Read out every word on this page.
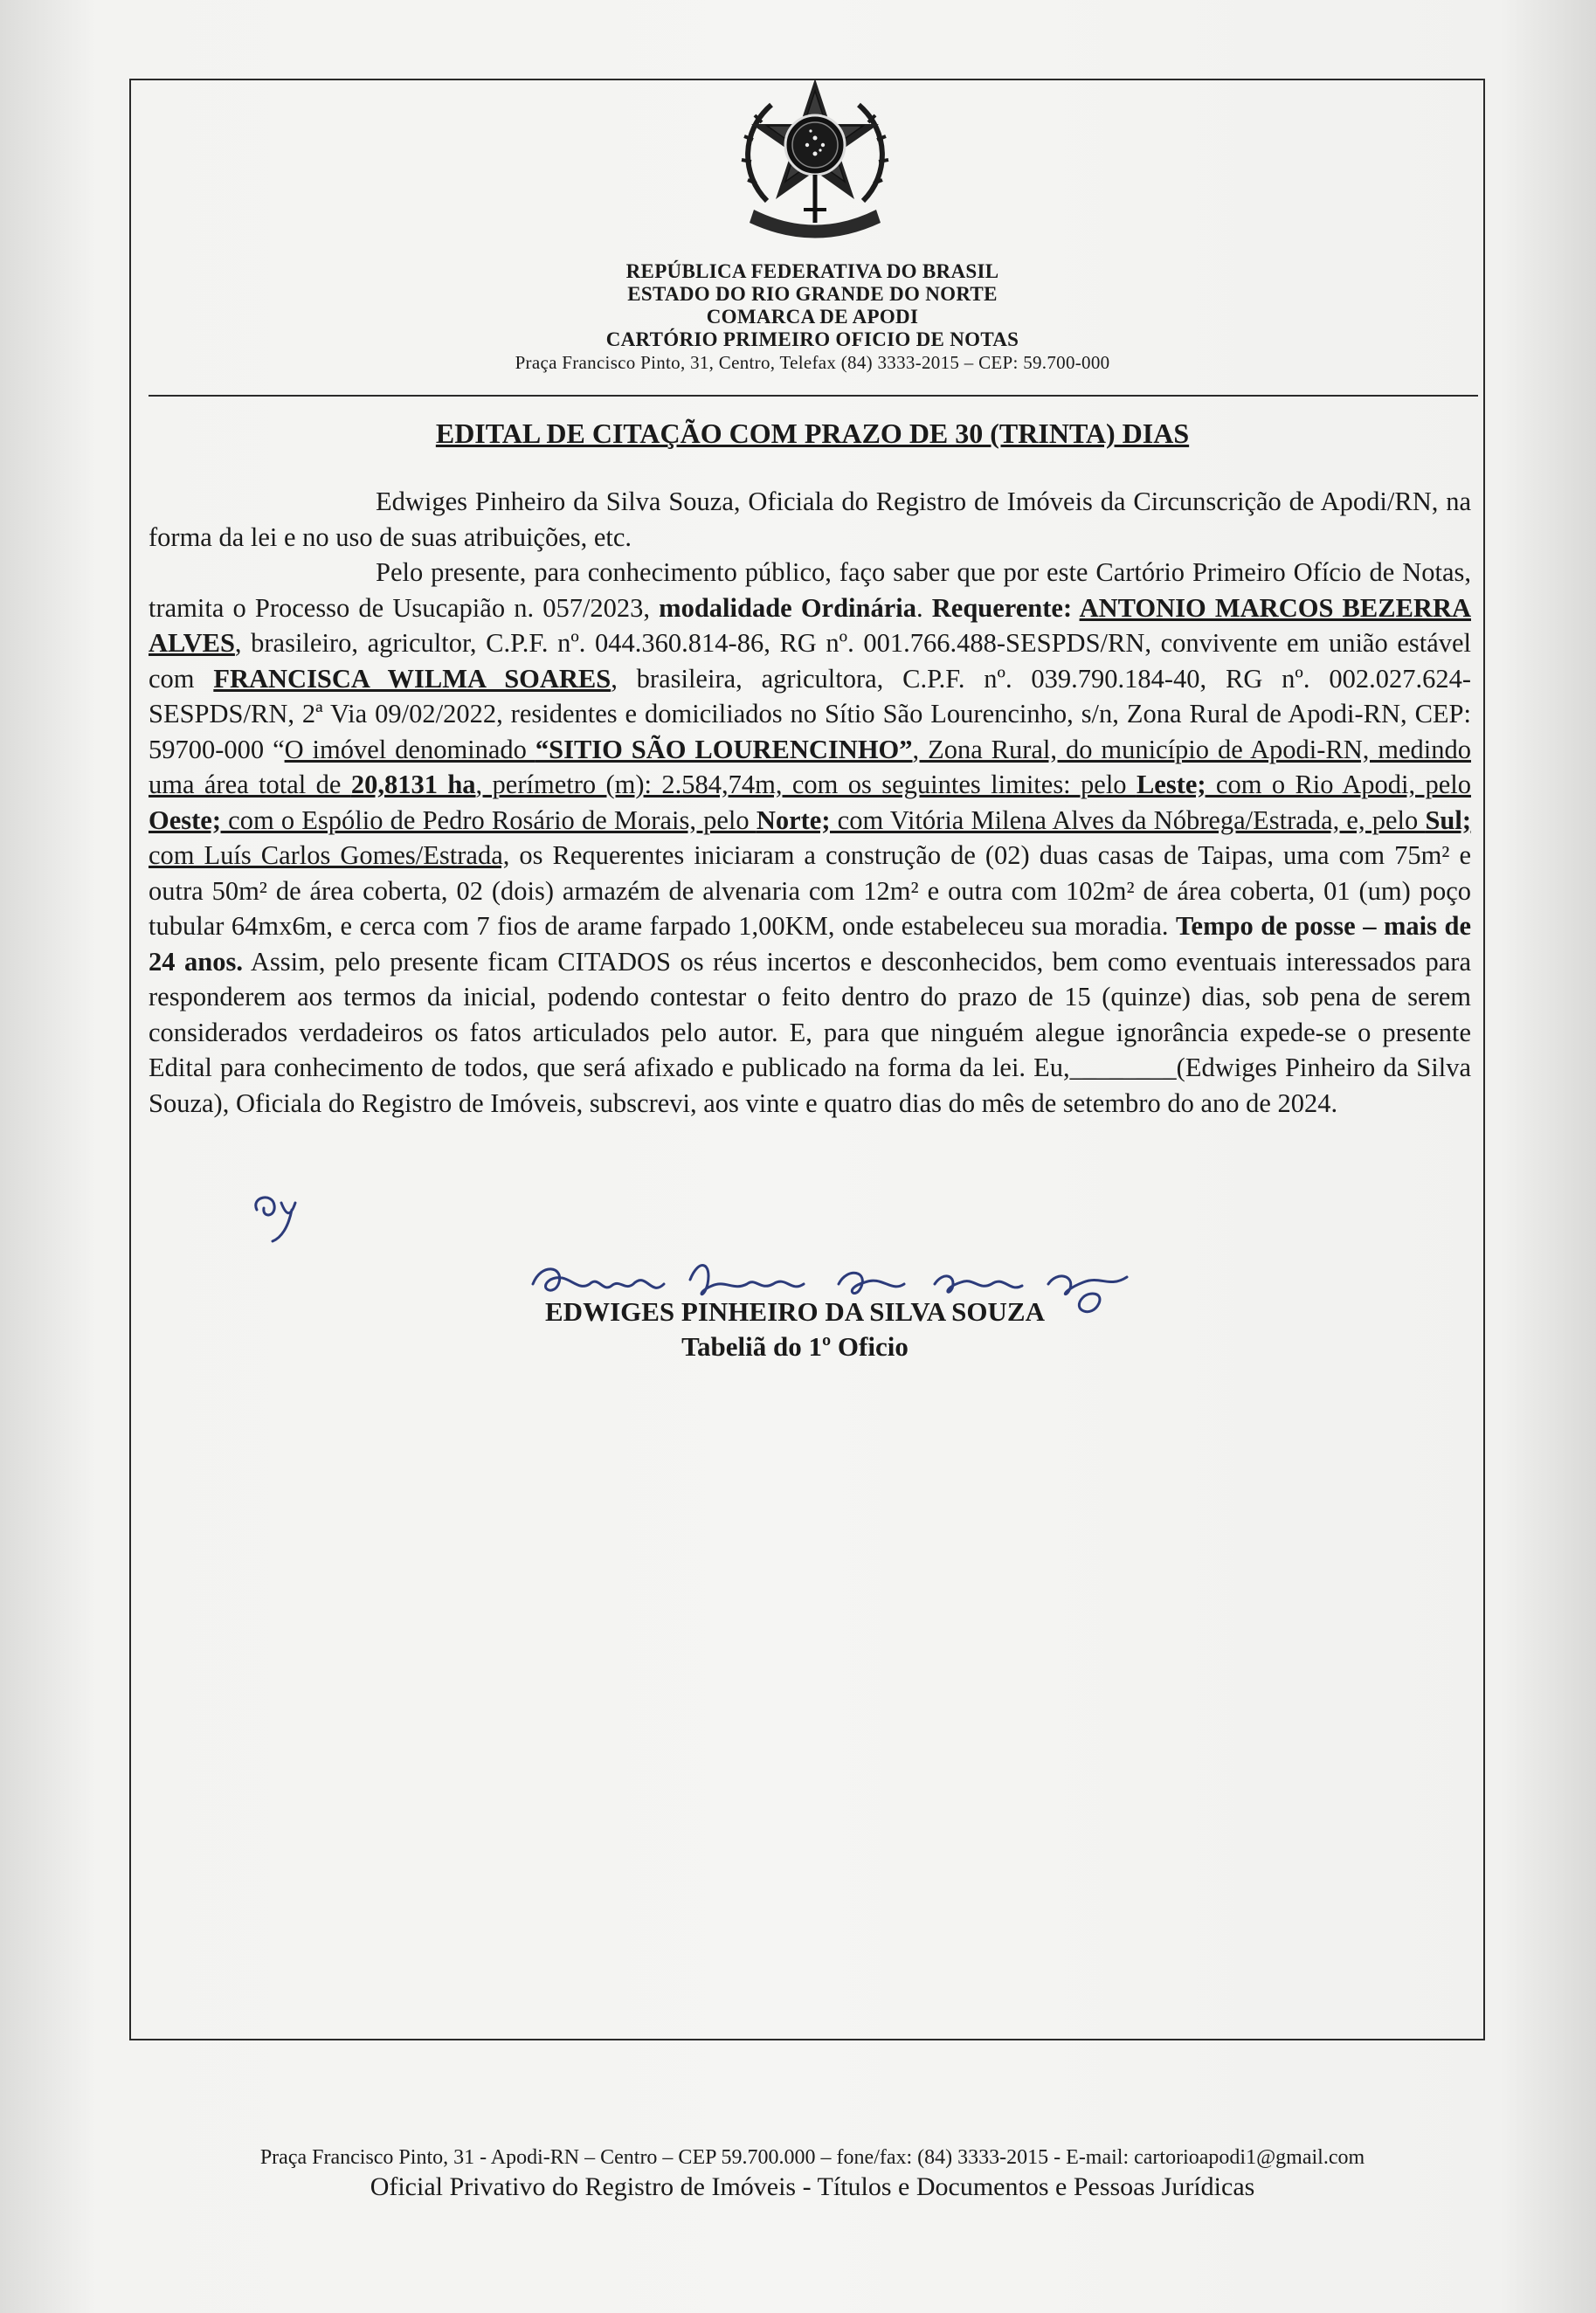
REPÚBLICA FEDERATIVA DO BRASIL
ESTADO DO RIO GRANDE DO NORTE
COMARCA DE APODI
CARTÓRIO PRIMEIRO OFICIO DE NOTAS
Praça Francisco Pinto, 31, Centro, Telefax (84) 3333-2015 – CEP: 59.700-000
EDITAL DE CITAÇÃO COM PRAZO DE 30 (TRINTA) DIAS

Edwiges Pinheiro da Silva Souza, Oficiala do Registro de Imóveis da Circunscrição de Apodi/RN, na forma da lei e no uso de suas atribuições, etc.

Pelo presente, para conhecimento público, faço saber que por este Cartório Primeiro Ofício de Notas, tramita o Processo de Usucapião n. 057/2023, modalidade Ordinária. Requerente: ANTONIO MARCOS BEZERRA ALVES, brasileiro, agricultor, C.P.F. nº. 044.360.814-86, RG nº. 001.766.488-SESPDS/RN, convivente em união estável com FRANCISCA WILMA SOARES, brasileira, agricultora, C.P.F. nº. 039.790.184-40, RG nº. 002.027.624-SESPDS/RN, 2ª Via 09/02/2022, residentes e domiciliados no Sítio São Lourencinho, s/n, Zona Rural de Apodi-RN, CEP: 59700-000 “O imóvel denominado “SITIO SÃO LOURENCINHO”, Zona Rural, do município de Apodi-RN, medindo uma área total de 20,8131 ha, perímetro (m): 2.584,74m, com os seguintes limites: pelo Leste; com o Rio Apodi, pelo Oeste; com o Espólio de Pedro Rosário de Morais, pelo Norte; com Vitória Milena Alves da Nóbrega/Estrada, e, pelo Sul; com Luís Carlos Gomes/Estrada, os Requerentes iniciaram a construção de (02) duas casas de Taipas, uma com 75m² e outra 50m² de área coberta, 02 (dois) armazém de alvenaria com 12m² e outra com 102m² de área coberta, 01 (um) poço tubular 64mx6m, e cerca com 7 fios de arame farpado 1,00KM, onde estabeleceu sua moradia. Tempo de posse – mais de 24 anos. Assim, pelo presente ficam CITADOS os réus incertos e desconhecidos, bem como eventuais interessados para responderem aos termos da inicial, podendo contestar o feito dentro do prazo de 15 (quinze) dias, sob pena de serem considerados verdadeiros os fatos articulados pelo autor. E, para que ninguém alegue ignorância expede-se o presente Edital para conhecimento de todos, que será afixado e publicado na forma da lei. Eu,________(Edwiges Pinheiro da Silva Souza), Oficiala do Registro de Imóveis, subscrevi, aos vinte e quatro dias do mês de setembro do ano de 2024.

EDWIGES PINHEIRO DA SILVA SOUZA
Tabeliã do 1º Oficio
Praça Francisco Pinto, 31 - Apodi-RN – Centro – CEP 59.700.000 – fone/fax: (84) 3333-2015 - E-mail: cartorioapodi1@gmail.com
Oficial Privativo do Registro de Imóveis - Títulos e Documentos e Pessoas Jurídicas
